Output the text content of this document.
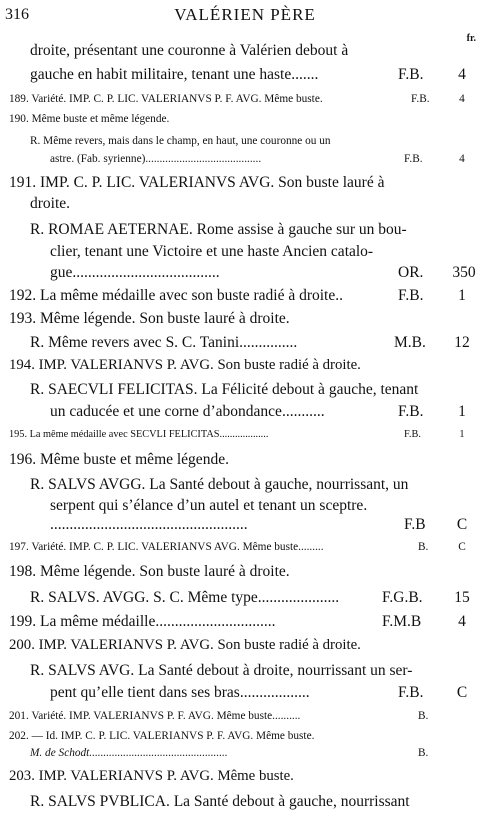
316	VALÉRIEN PÈRE
fr.
droite, présentant une couronne à Valérien debout à
gauche en habit militaire, tenant une haste.......	F.B.	4
189. Variété. IMP. C. P. LIC. VALERIANVS P. F. AVG. Même buste.	F.B.	4
190. Même buste et même légende.
R. Même revers, mais dans le champ, en haut, une couronne ou un
astre. (Fab. syrienne).........................................	F.B.	4
191. IMP. C. P. LIC. VALERIANVS AVG. Son buste lauré à
droite.
R. ROMAE AETERNAE. Rome assise à gauche sur un bou-
clier, tenant une Victoire et une haste Ancien catalo-
gue......................................	OR.	350
192. La même médaille avec son buste radié à droite..	F.B.	1
193. Même légende. Son buste lauré à droite.
R. Même revers avec S. C. Tanini...............	M.B.	12
194. IMP. VALERIANVS P. AVG. Son buste radié à droite.
R. SAECVLI FELICITAS. La Félicité debout à gauche, tenant
un caducée et une corne d’abondance...........	F.B.	1
195. La même médaille avec SECVLI FELICITAS...................	F.B.	1
196. Même buste et même légende.
R. SALVS AVGG. La Santé debout à gauche, nourrissant, un
serpent qui s’élance d’un autel et tenant un sceptre.
...................................................	F.B	C
197. Variété. IMP. C. P. LIC. VALERIANVS AVG. Même buste.........	B.	C
198. Même légende. Son buste lauré à droite.
R. SALVS. AVGG. S. C. Même type.....................	F.G.B.	15
199. La même médaille...............................	F.M.B	4
200. IMP. VALERIANVS P. AVG. Son buste radié à droite.
R. SALVS AVG. La Santé debout à droite, nourrissant un ser-
pent qu’elle tient dans ses bras..................	F.B.	C
201. Variété. IMP. VALERIANVS P. F. AVG. Même buste..........	B.
202. — Id. IMP. C. P. LIC. VALERIANVS P. F. AVG. Même buste.
M. de Schodt.................................................	B.
203. IMP. VALERIANVS P. AVG. Même buste.
R. SALVS PVBLICA. La Santé debout à gauche, nourrissant
